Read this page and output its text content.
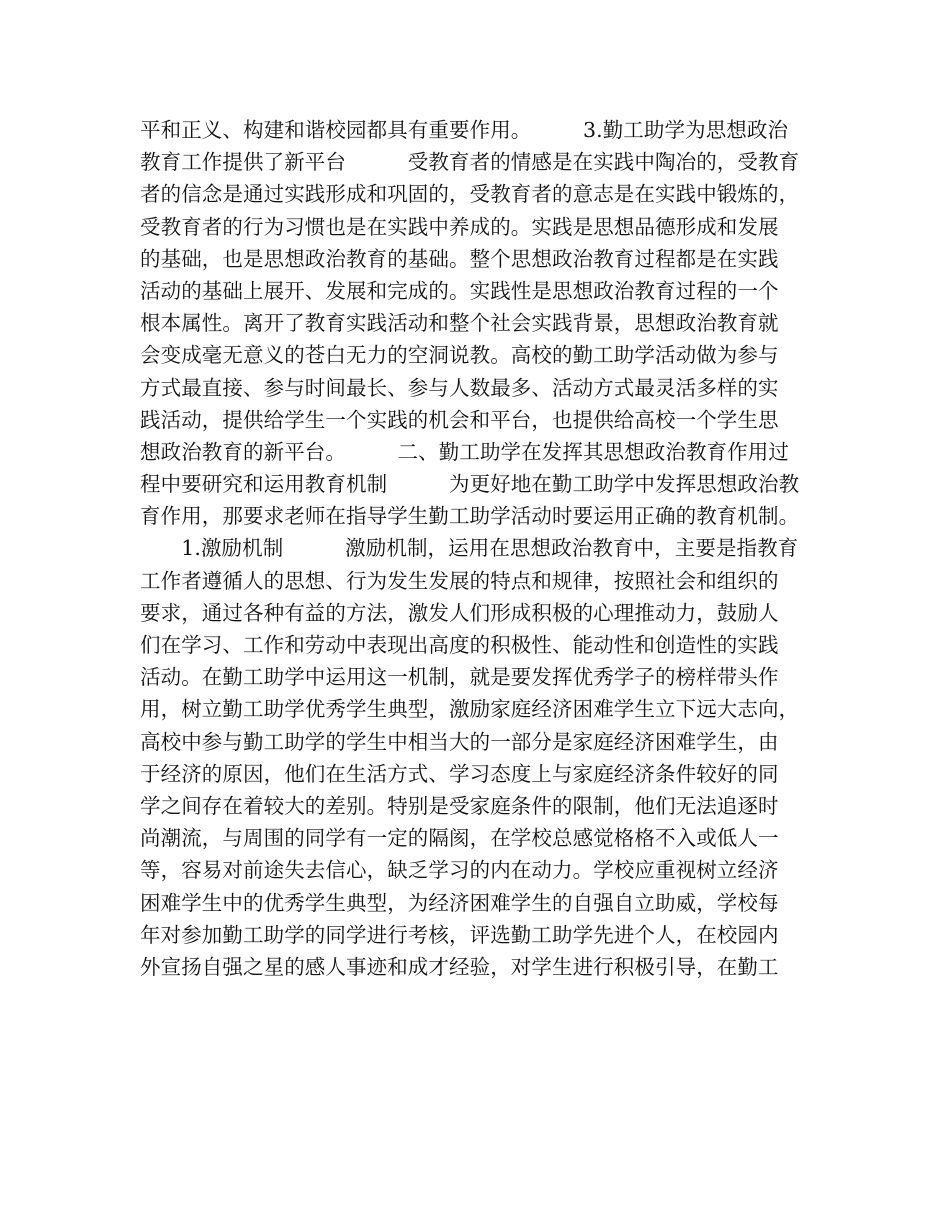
平和正义、构建和谐校园都具有重要作用。　　　3.勤工助学为思想政治
教育工作提供了新平台　　　受教育者的情感是在实践中陶冶的，受教育
者的信念是通过实践形成和巩固的，受教育者的意志是在实践中锻炼的，
受教育者的行为习惯也是在实践中养成的。实践是思想品德形成和发展
的基础，也是思想政治教育的基础。整个思想政治教育过程都是在实践
活动的基础上展开、发展和完成的。实践性是思想政治教育过程的一个
根本属性。离开了教育实践活动和整个社会实践背景，思想政治教育就
会变成毫无意义的苍白无力的空洞说教。高校的勤工助学活动做为参与
方式最直接、参与时间最长、参与人数最多、活动方式最灵活多样的实
践活动，提供给学生一个实践的机会和平台，也提供给高校一个学生思
想政治教育的新平台。　　　二、勤工助学在发挥其思想政治教育作用过
程中要研究和运用教育机制　　　为更好地在勤工助学中发挥思想政治教
育作用，那要求老师在指导学生勤工助学活动时要运用正确的教育机制。
　　1.激励机制　　　激励机制，运用在思想政治教育中，主要是指教育
工作者遵循人的思想、行为发生发展的特点和规律，按照社会和组织的
要求，通过各种有益的方法，激发人们形成积极的心理推动力，鼓励人
们在学习、工作和劳动中表现出高度的积极性、能动性和创造性的实践
活动。在勤工助学中运用这一机制，就是要发挥优秀学子的榜样带头作
用，树立勤工助学优秀学生典型，激励家庭经济困难学生立下远大志向，
高校中参与勤工助学的学生中相当大的一部分是家庭经济困难学生，由
于经济的原因，他们在生活方式、学习态度上与家庭经济条件较好的同
学之间存在着较大的差别。特别是受家庭条件的限制，他们无法追逐时
尚潮流，与周围的同学有一定的隔阂，在学校总感觉格格不入或低人一
等，容易对前途失去信心，缺乏学习的内在动力。学校应重视树立经济
困难学生中的优秀学生典型，为经济困难学生的自强自立助威，学校每
年对参加勤工助学的同学进行考核，评选勤工助学先进个人，在校园内
外宣扬自强之星的感人事迹和成才经验，对学生进行积极引导，在勤工
